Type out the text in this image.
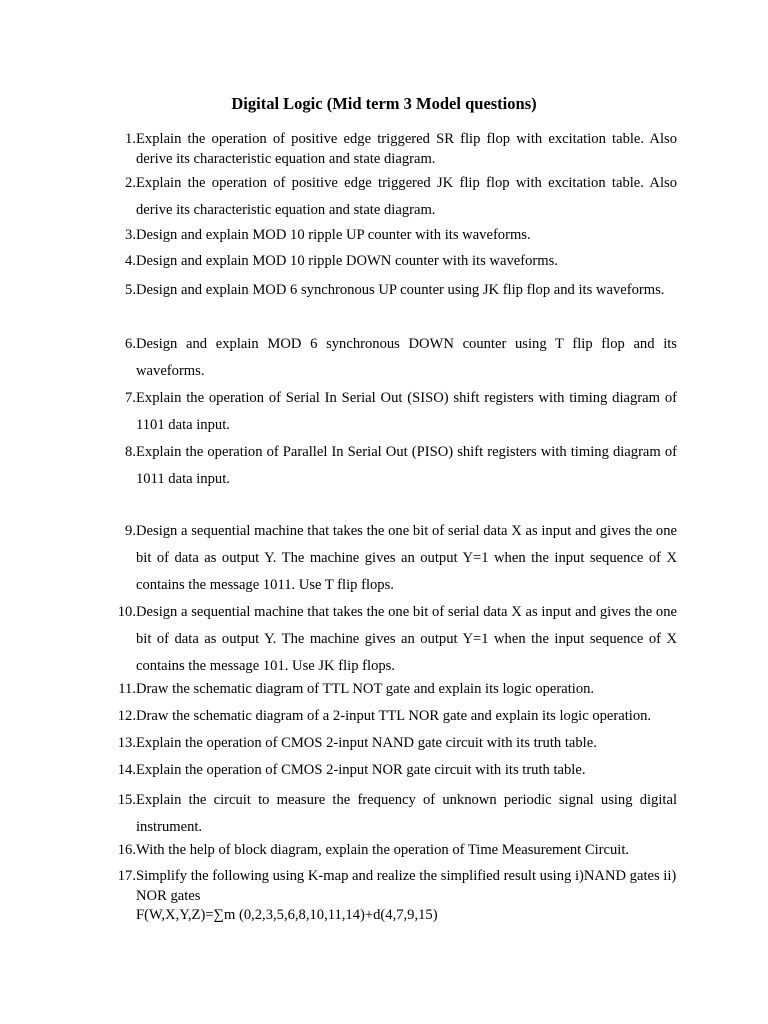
Digital Logic (Mid term 3 Model questions)
1. Explain the operation of positive edge triggered SR flip flop with excitation table. Also derive its characteristic equation and state diagram.
2. Explain the operation of positive edge triggered JK flip flop with excitation table. Also derive its characteristic equation and state diagram.
3. Design and explain MOD 10 ripple UP counter with its waveforms.
4. Design and explain MOD 10 ripple DOWN counter with its waveforms.
5. Design and explain MOD 6 synchronous UP counter using JK flip flop and its waveforms.
6. Design and explain MOD 6 synchronous DOWN counter using T flip flop and its waveforms.
7. Explain the operation of Serial In Serial Out (SISO) shift registers with timing diagram of 1101 data input.
8. Explain the operation of Parallel In Serial Out (PISO) shift registers with timing diagram of 1011 data input.
9. Design a sequential machine that takes the one bit of serial data X as input and gives the one bit of data as output Y. The machine gives an output Y=1 when the input sequence of X contains the message 1011. Use T flip flops.
10. Design a sequential machine that takes the one bit of serial data X as input and gives the one bit of data as output Y. The machine gives an output Y=1 when the input sequence of X contains the message 101. Use JK flip flops.
11. Draw the schematic diagram of TTL NOT gate and explain its logic operation.
12. Draw the schematic diagram of a 2-input TTL NOR gate and explain its logic operation.
13. Explain the operation of CMOS 2-input NAND gate circuit with its truth table.
14. Explain the operation of CMOS 2-input NOR gate circuit with its truth table.
15. Explain the circuit to measure the frequency of unknown periodic signal using digital instrument.
16. With the help of block diagram, explain the operation of Time Measurement Circuit.
17. Simplify the following using K-map and realize the simplified result using i)NAND gates ii) NOR gates
F(W,X,Y,Z)=∑m (0,2,3,5,6,8,10,11,14)+d(4,7,9,15)
